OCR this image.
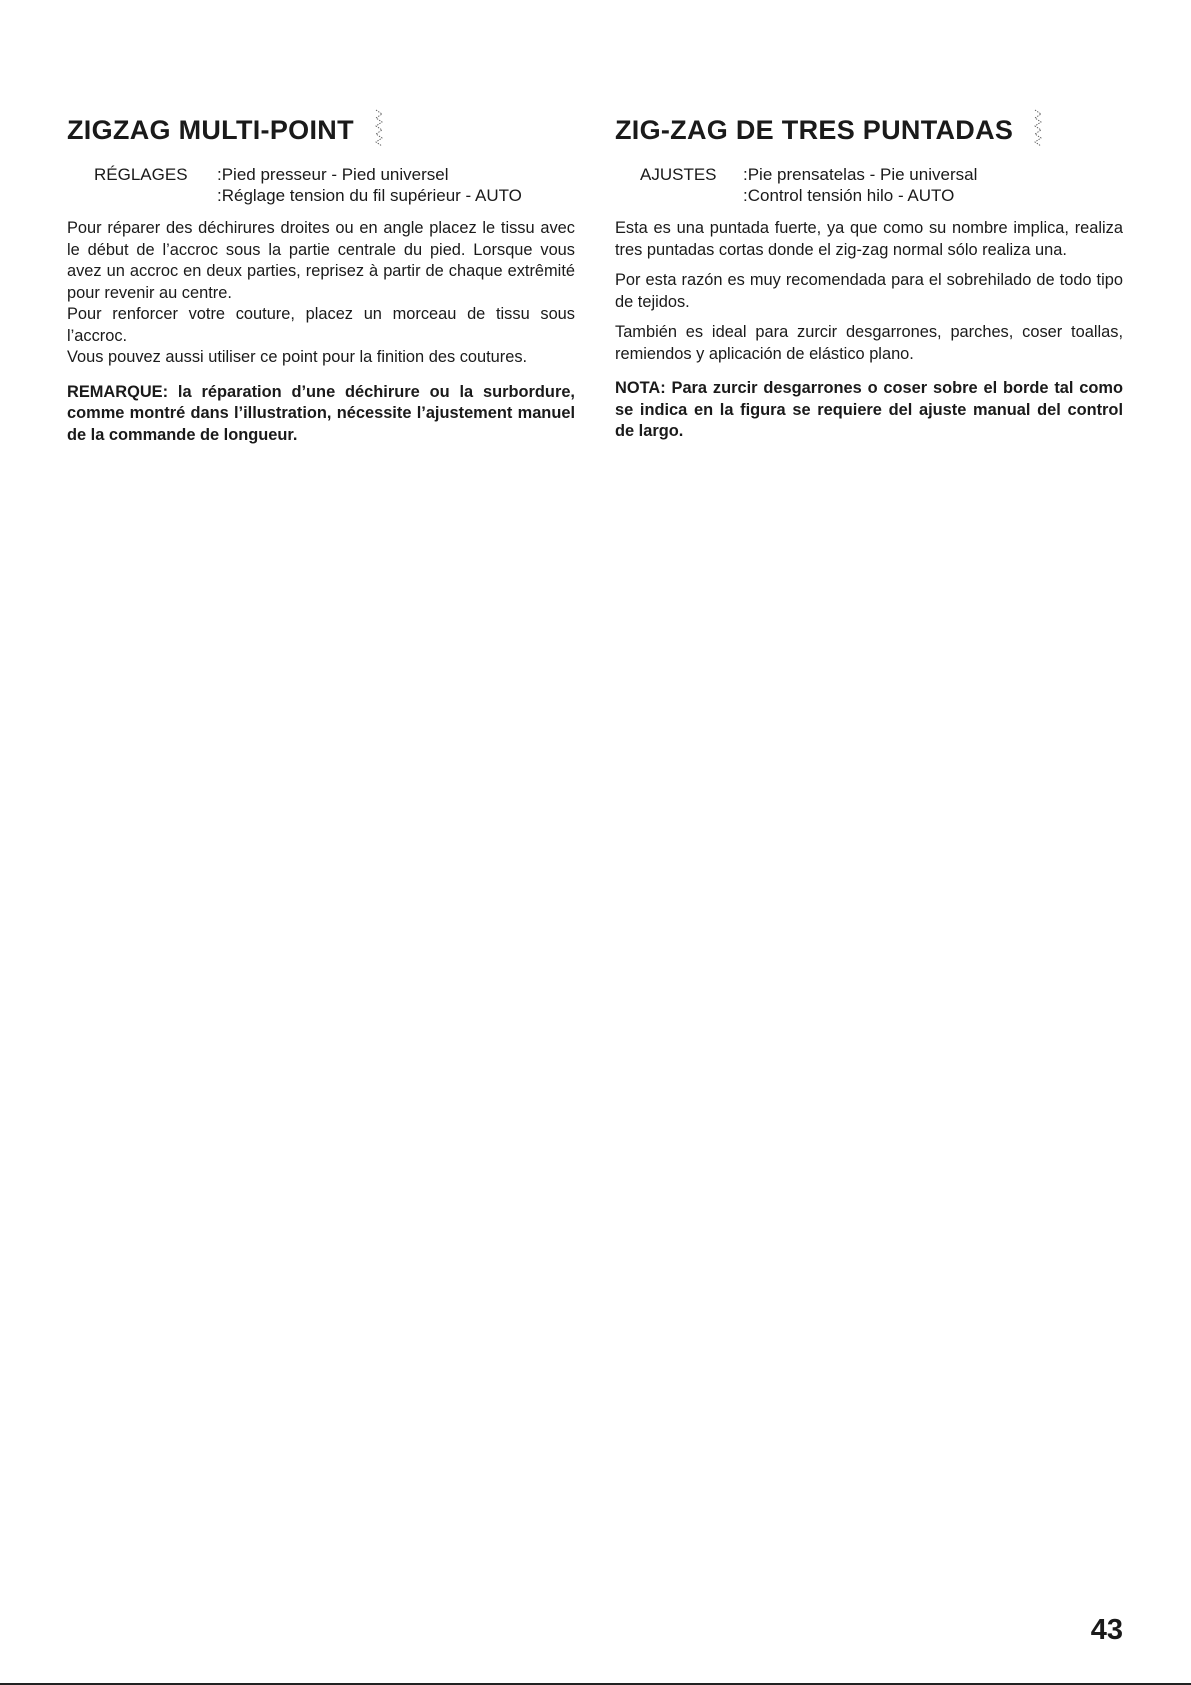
ZIGZAG MULTI-POINT
RÉGLAGES	:Pied presseur - Pied universel
:Réglage tension du fil supérieur - AUTO

Pour réparer des déchirures droites ou en angle placez le tissu avec le début de l’accroc sous la partie centrale du pied. Lorsque vous avez un accroc en deux parties, reprisez à partir de chaque extrêmité pour revenir au centre.

Pour renforcer votre couture, placez un morceau de tissu sous l’accroc.

Vous pouvez aussi utiliser ce point pour la finition des coutures.

REMARQUE: la réparation d’une déchirure ou la surbordure, comme montré dans l’illustration, nécessite l’ajustement manuel de la commande de longueur.

ZIG-ZAG DE TRES PUNTADAS
AJUSTES	:Pie prensatelas - Pie universal
:Control tensión hilo - AUTO

Esta es una puntada fuerte, ya que como su nombre implica, realiza tres puntadas cortas donde el zig-zag normal sólo realiza una.

Por esta razón es muy recomendada para el sobrehilado de todo tipo de tejidos.

También es ideal para zurcir desgarrones, parches, coser toallas, remiendos y aplicación de elástico plano.

NOTA: Para zurcir desgarrones o coser sobre el borde tal como se indica en la figura se requiere del ajuste manual del control de largo.

43
